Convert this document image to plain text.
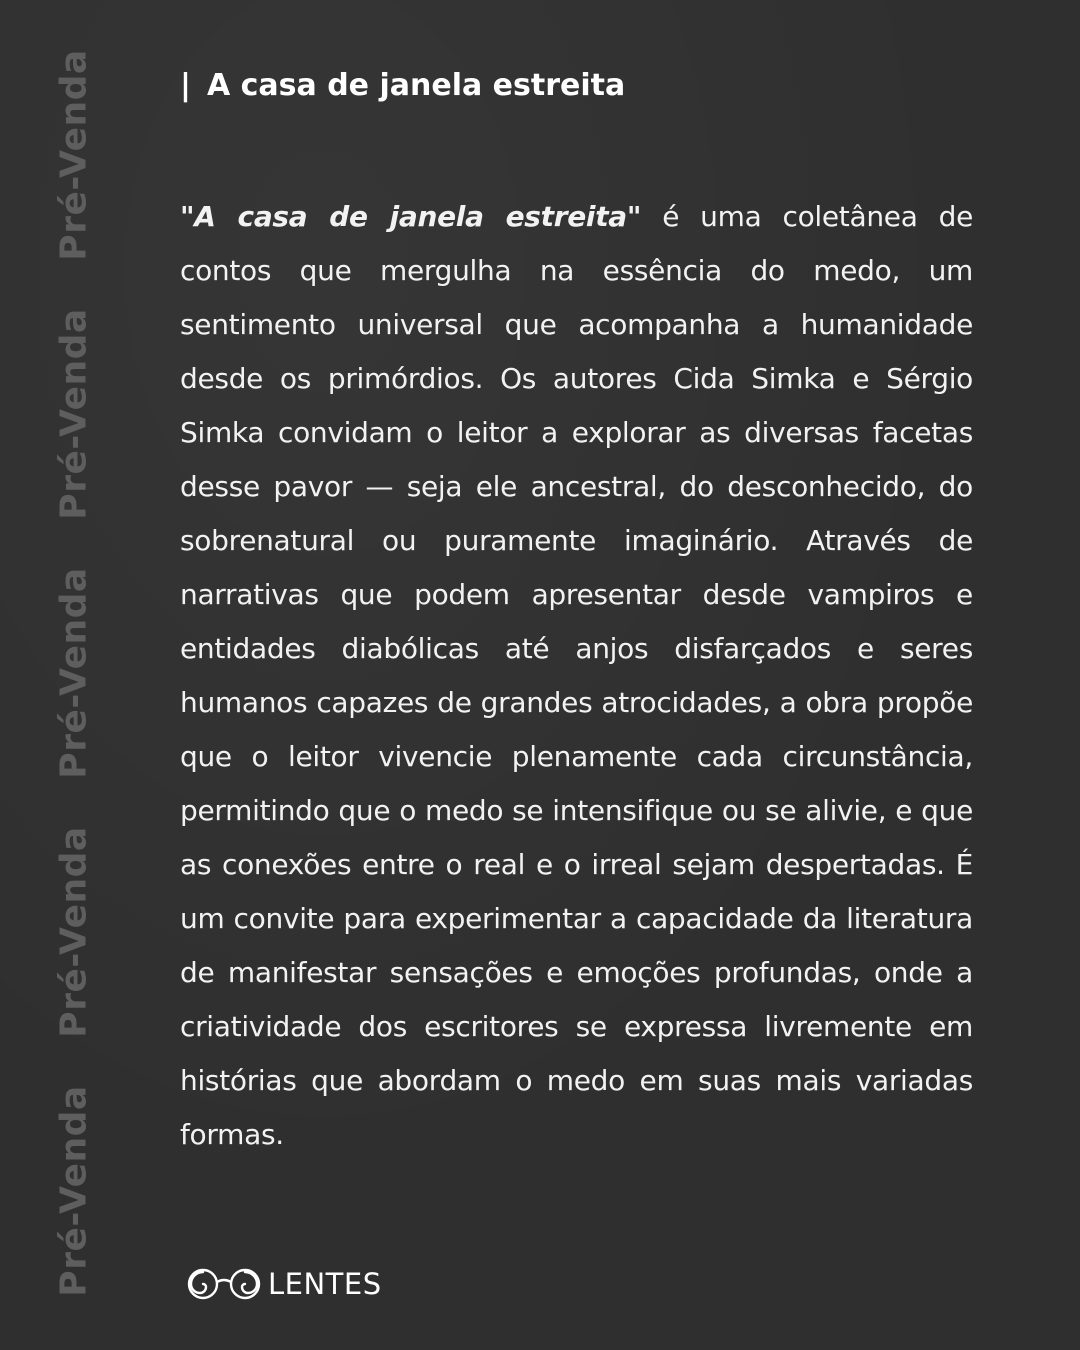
Pré-Venda
Pré-Venda
Pré-Venda
Pré-Venda
Pré-Venda
| A casa de janela estreita

"A casa de janela estreita" é uma coletânea de contos que mergulha na essência do medo, um sentimento universal que acompanha a humanidade desde os primórdios. Os autores Cida Simka e Sérgio Simka convidam o leitor a explorar as diversas facetas desse pavor — seja ele ancestral, do desconhecido, do sobrenatural ou puramente imaginário. Através de narrativas que podem apresentar desde vampiros e entidades diabólicas até anjos disfarçados e seres humanos capazes de grandes atrocidades, a obra propõe que o leitor vivencie plenamente cada circunstância, permitindo que o medo se intensifique ou se alivie, e que as conexões entre o real e o irreal sejam despertadas. É um convite para experimentar a capacidade da literatura de manifestar sensações e emoções profundas, onde a criatividade dos escritores se expressa livremente em histórias que abordam o medo em suas mais variadas formas.

LENTES
